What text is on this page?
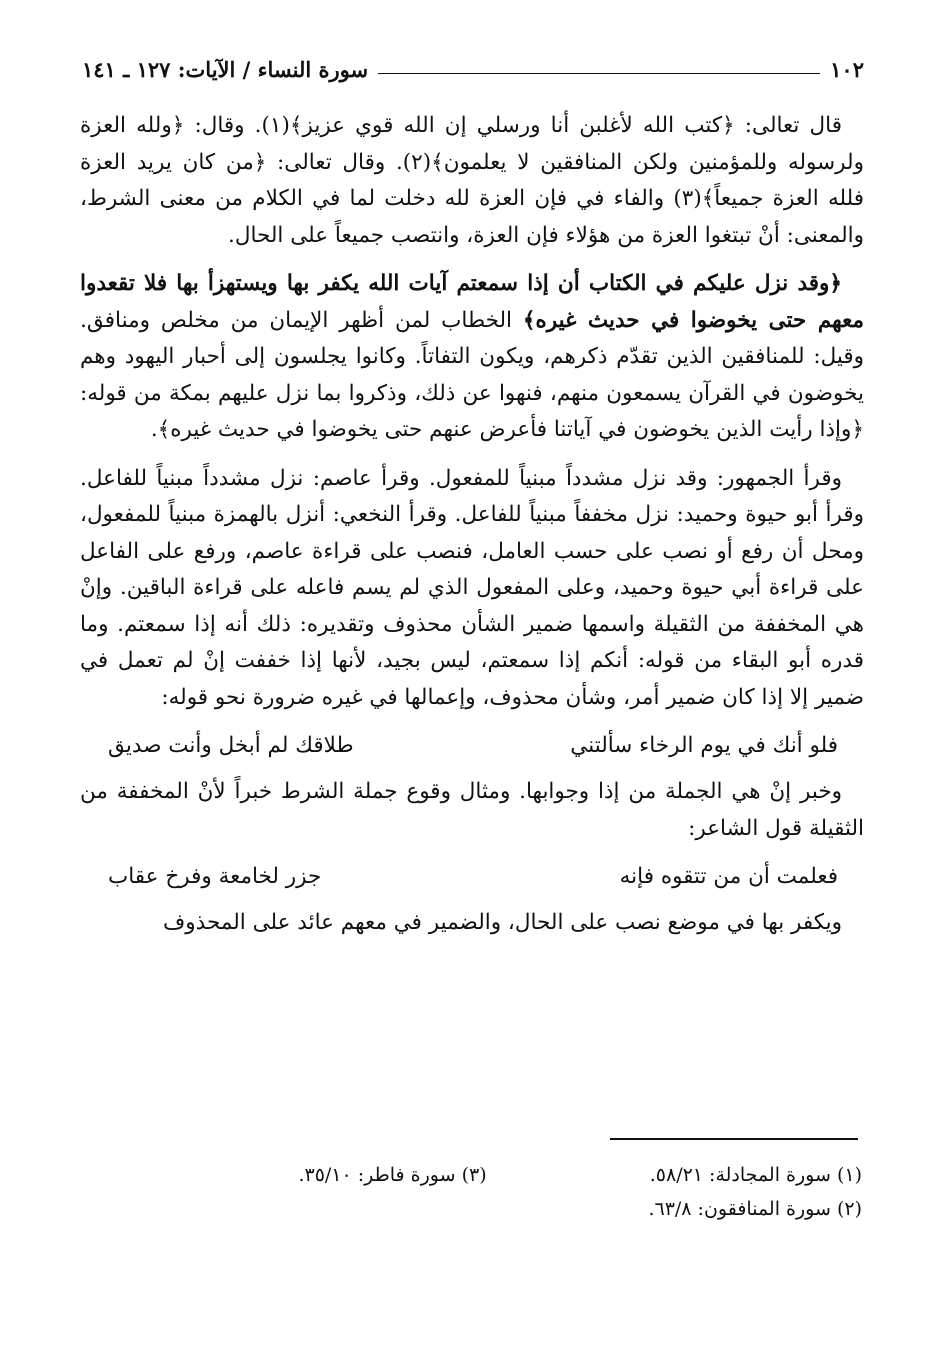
١٠٢
سورة النساء / الآيات: ١٢٧ ـ ١٤١

قال تعالى: ﴿كتب الله لأغلبن أنا ورسلي إن الله قوي عزيز﴾(١). وقال: ﴿ولله العزة ولرسوله وللمؤمنين ولكن المنافقين لا يعلمون﴾(٢). وقال تعالى: ﴿من كان يريد العزة فلله العزة جميعاً﴾(٣) والفاء في فإن العزة لله دخلت لما في الكلام من معنى الشرط، والمعنى: أنْ تبتغوا العزة من هؤلاء فإن العزة، وانتصب جميعاً على الحال.

﴿وقد نزل عليكم في الكتاب أن إذا سمعتم آيات الله يكفر بها ويستهزأ بها فلا تقعدوا معهم حتى يخوضوا في حديث غيره﴾ الخطاب لمن أظهر الإيمان من مخلص ومنافق. وقيل: للمنافقين الذين تقدّم ذكرهم، ويكون التفاتاً. وكانوا يجلسون إلى أحبار اليهود وهم يخوضون في القرآن يسمعون منهم، فنهوا عن ذلك، وذكروا بما نزل عليهم بمكة من قوله: ﴿وإذا رأيت الذين يخوضون في آياتنا فأعرض عنهم حتى يخوضوا في حديث غيره﴾.

وقرأ الجمهور: وقد نزل مشدداً مبنياً للمفعول. وقرأ عاصم: نزل مشدداً مبنياً للفاعل. وقرأ أبو حيوة وحميد: نزل مخففاً مبنياً للفاعل. وقرأ النخعي: أنزل بالهمزة مبنياً للمفعول، ومحل أن رفع أو نصب على حسب العامل، فنصب على قراءة عاصم، ورفع على الفاعل على قراءة أبي حيوة وحميد، وعلى المفعول الذي لم يسم فاعله على قراءة الباقين. وإنْ هي المخففة من الثقيلة واسمها ضمير الشأن محذوف وتقديره: ذلك أنه إذا سمعتم. وما قدره أبو البقاء من قوله: أنكم إذا سمعتم، ليس بجيد، لأنها إذا خففت إنْ لم تعمل في ضمير إلا إذا كان ضمير أمر، وشأن محذوف، وإعمالها في غيره ضرورة نحو قوله:

فلو أنك في يوم الرخاء سألتني
طلاقك لم أبخل وأنت صديق

وخبر إنْ هي الجملة من إذا وجوابها. ومثال وقوع جملة الشرط خبراً لأنْ المخففة من الثقيلة قول الشاعر:

فعلمت أن من تتقوه فإنه
جزر لخامعة وفرخ عقاب

ويكفر بها في موضع نصب على الحال، والضمير في معهم عائد على المحذوف

(١) سورة المجادلة: ٥٨/٢١.
(٣) سورة فاطر: ٣٥/١٠.
(٢) سورة المنافقون: ٦٣/٨.
